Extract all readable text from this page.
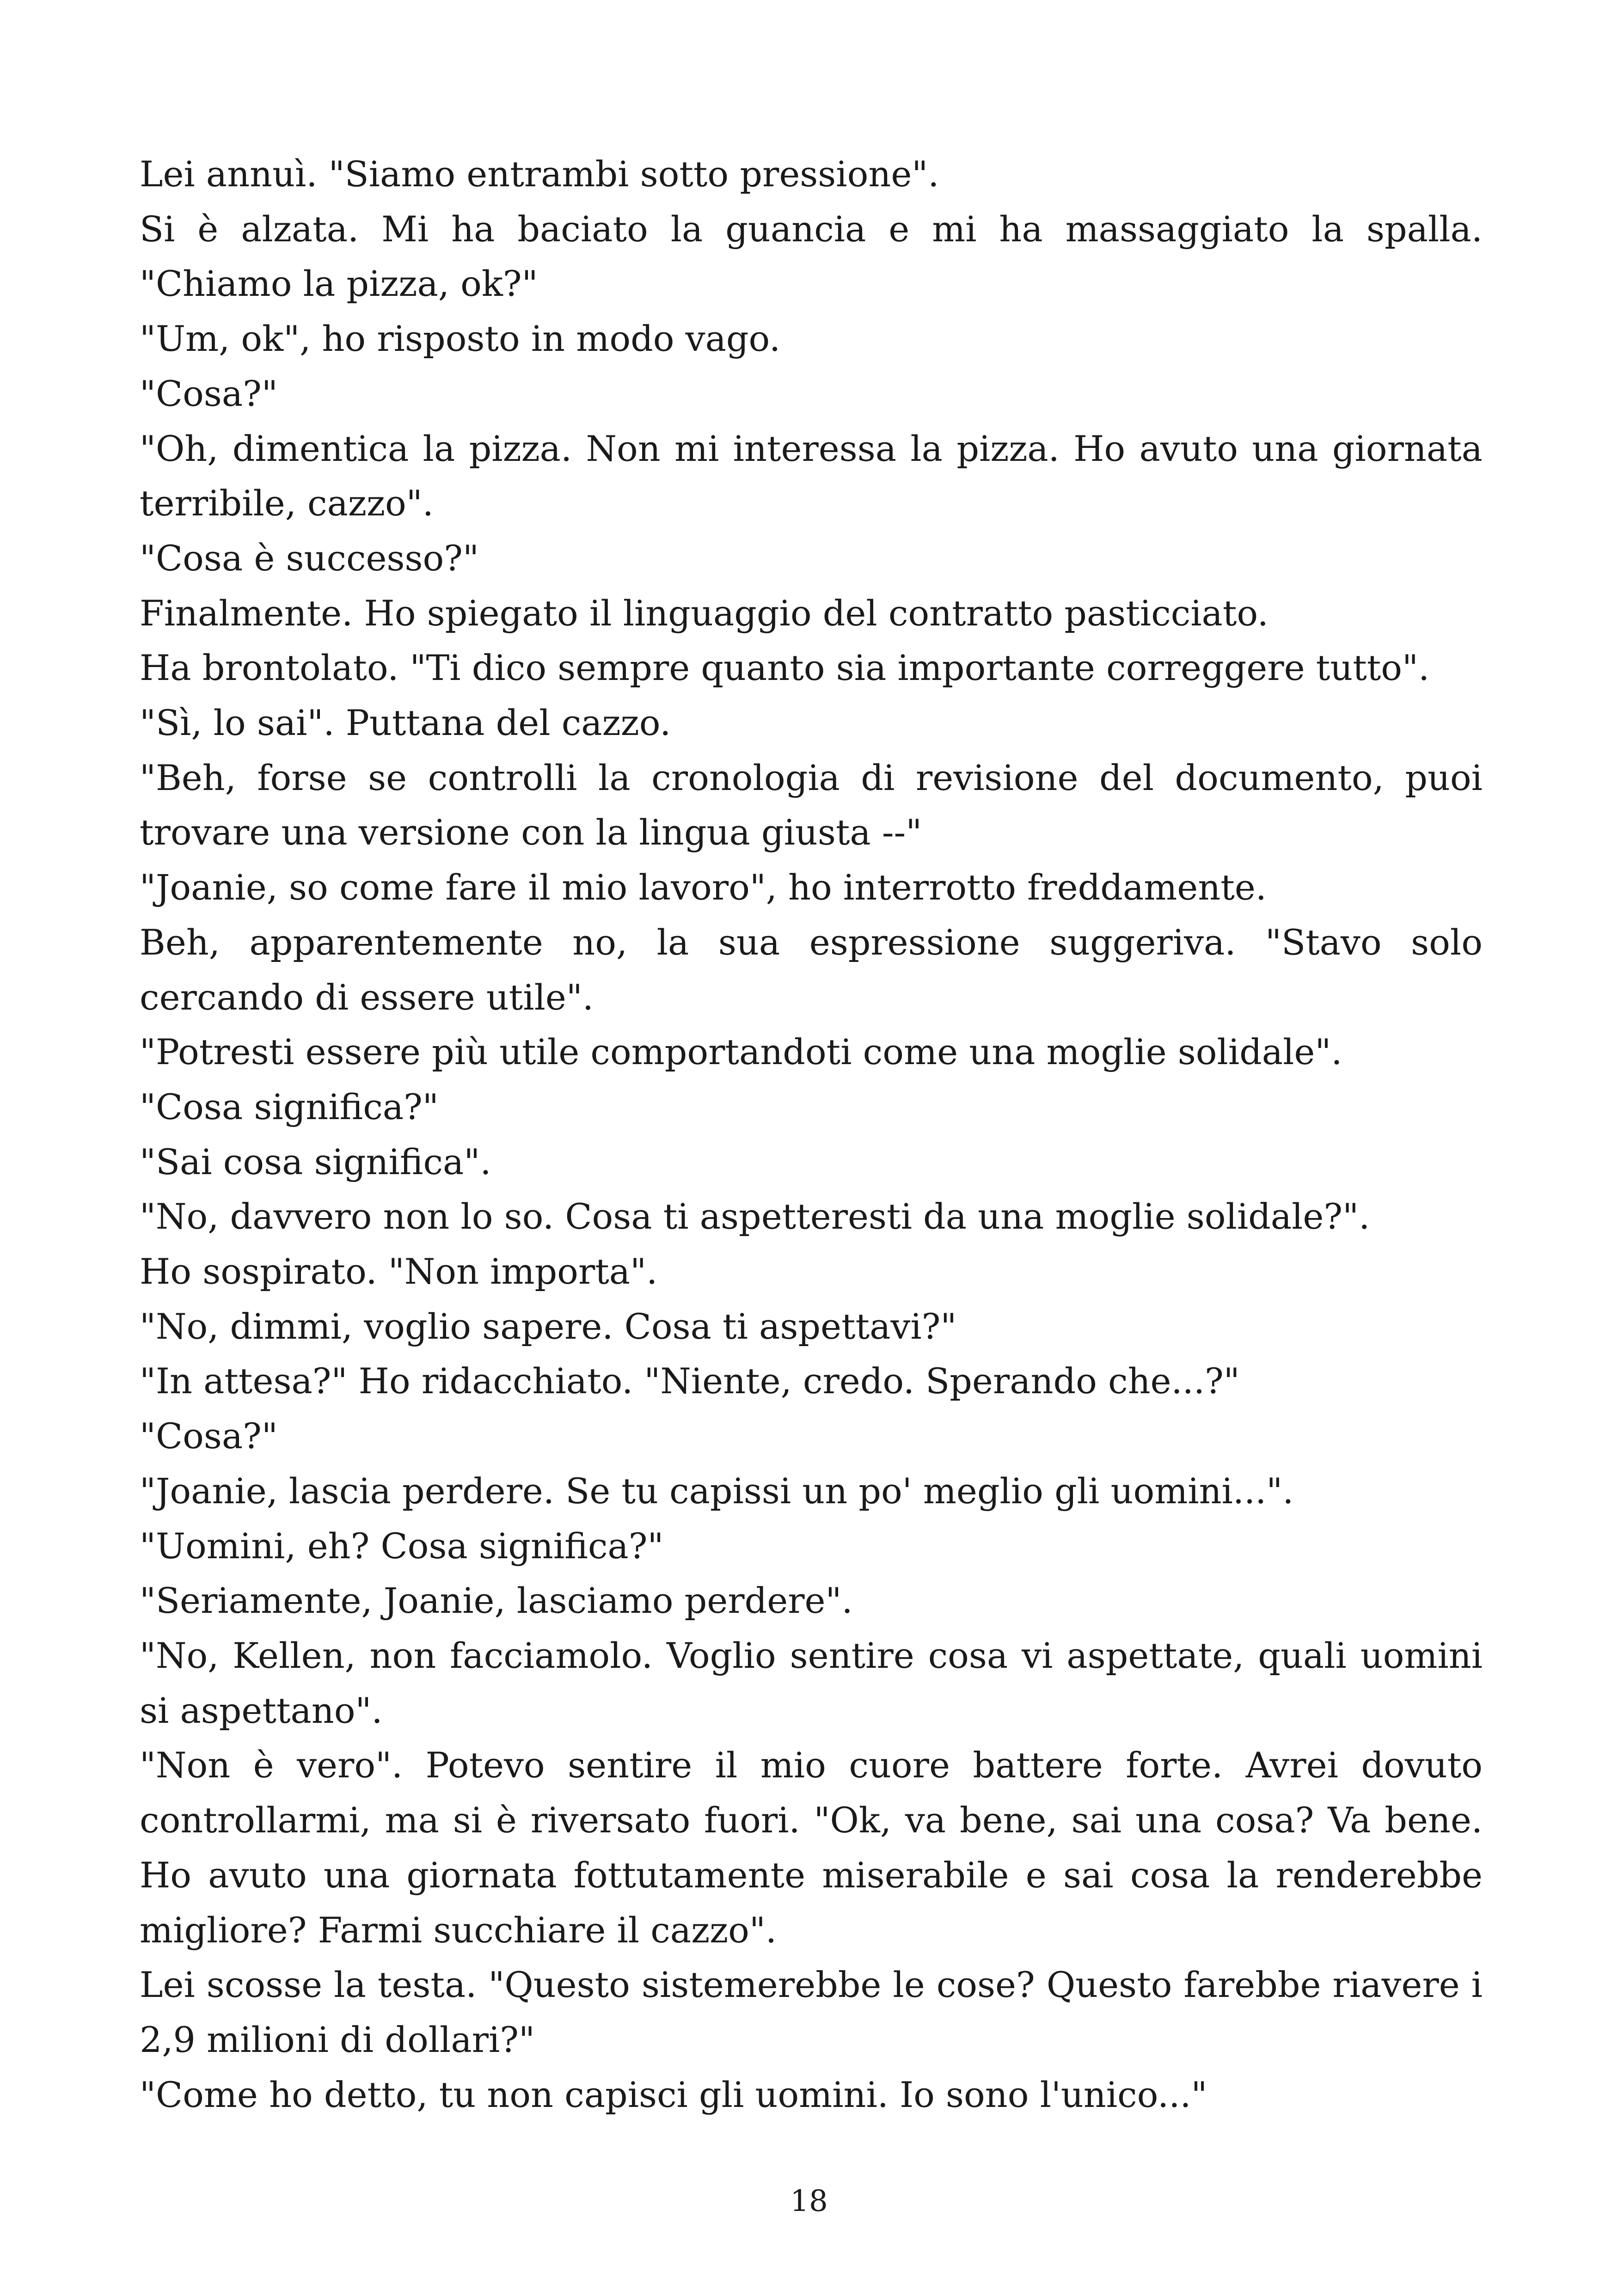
Lei annuì. "Siamo entrambi sotto pressione".

Si è alzata. Mi ha baciato la guancia e mi ha massaggiato la spalla. "Chiamo la pizza, ok?"

"Um, ok", ho risposto in modo vago.

"Cosa?"

"Oh, dimentica la pizza. Non mi interessa la pizza. Ho avuto una giornata terribile, cazzo".

"Cosa è successo?"

Finalmente. Ho spiegato il linguaggio del contratto pasticciato.

Ha brontolato. "Ti dico sempre quanto sia importante correggere tutto".

"Sì, lo sai". Puttana del cazzo.

"Beh, forse se controlli la cronologia di revisione del documento, puoi trovare una versione con la lingua giusta --"

"Joanie, so come fare il mio lavoro", ho interrotto freddamente.

Beh, apparentemente no, la sua espressione suggeriva. "Stavo solo cercando di essere utile".

"Potresti essere più utile comportandoti come una moglie solidale".

"Cosa significa?"

"Sai cosa significa".

"No, davvero non lo so. Cosa ti aspetteresti da una moglie solidale?".

Ho sospirato. "Non importa".

"No, dimmi, voglio sapere. Cosa ti aspettavi?"

"In attesa?" Ho ridacchiato. "Niente, credo. Sperando che...?"

"Cosa?"

"Joanie, lascia perdere. Se tu capissi un po' meglio gli uomini...".

"Uomini, eh? Cosa significa?"

"Seriamente, Joanie, lasciamo perdere".

"No, Kellen, non facciamolo. Voglio sentire cosa vi aspettate, quali uomini si aspettano".

"Non è vero". Potevo sentire il mio cuore battere forte. Avrei dovuto controllarmi, ma si è riversato fuori. "Ok, va bene, sai una cosa? Va bene. Ho avuto una giornata fottutamente miserabile e sai cosa la renderebbe migliore? Farmi succhiare il cazzo".

Lei scosse la testa. "Questo sistemerebbe le cose? Questo farebbe riavere i 2,9 milioni di dollari?"

"Come ho detto, tu non capisci gli uomini. Io sono l'unico..."

18
